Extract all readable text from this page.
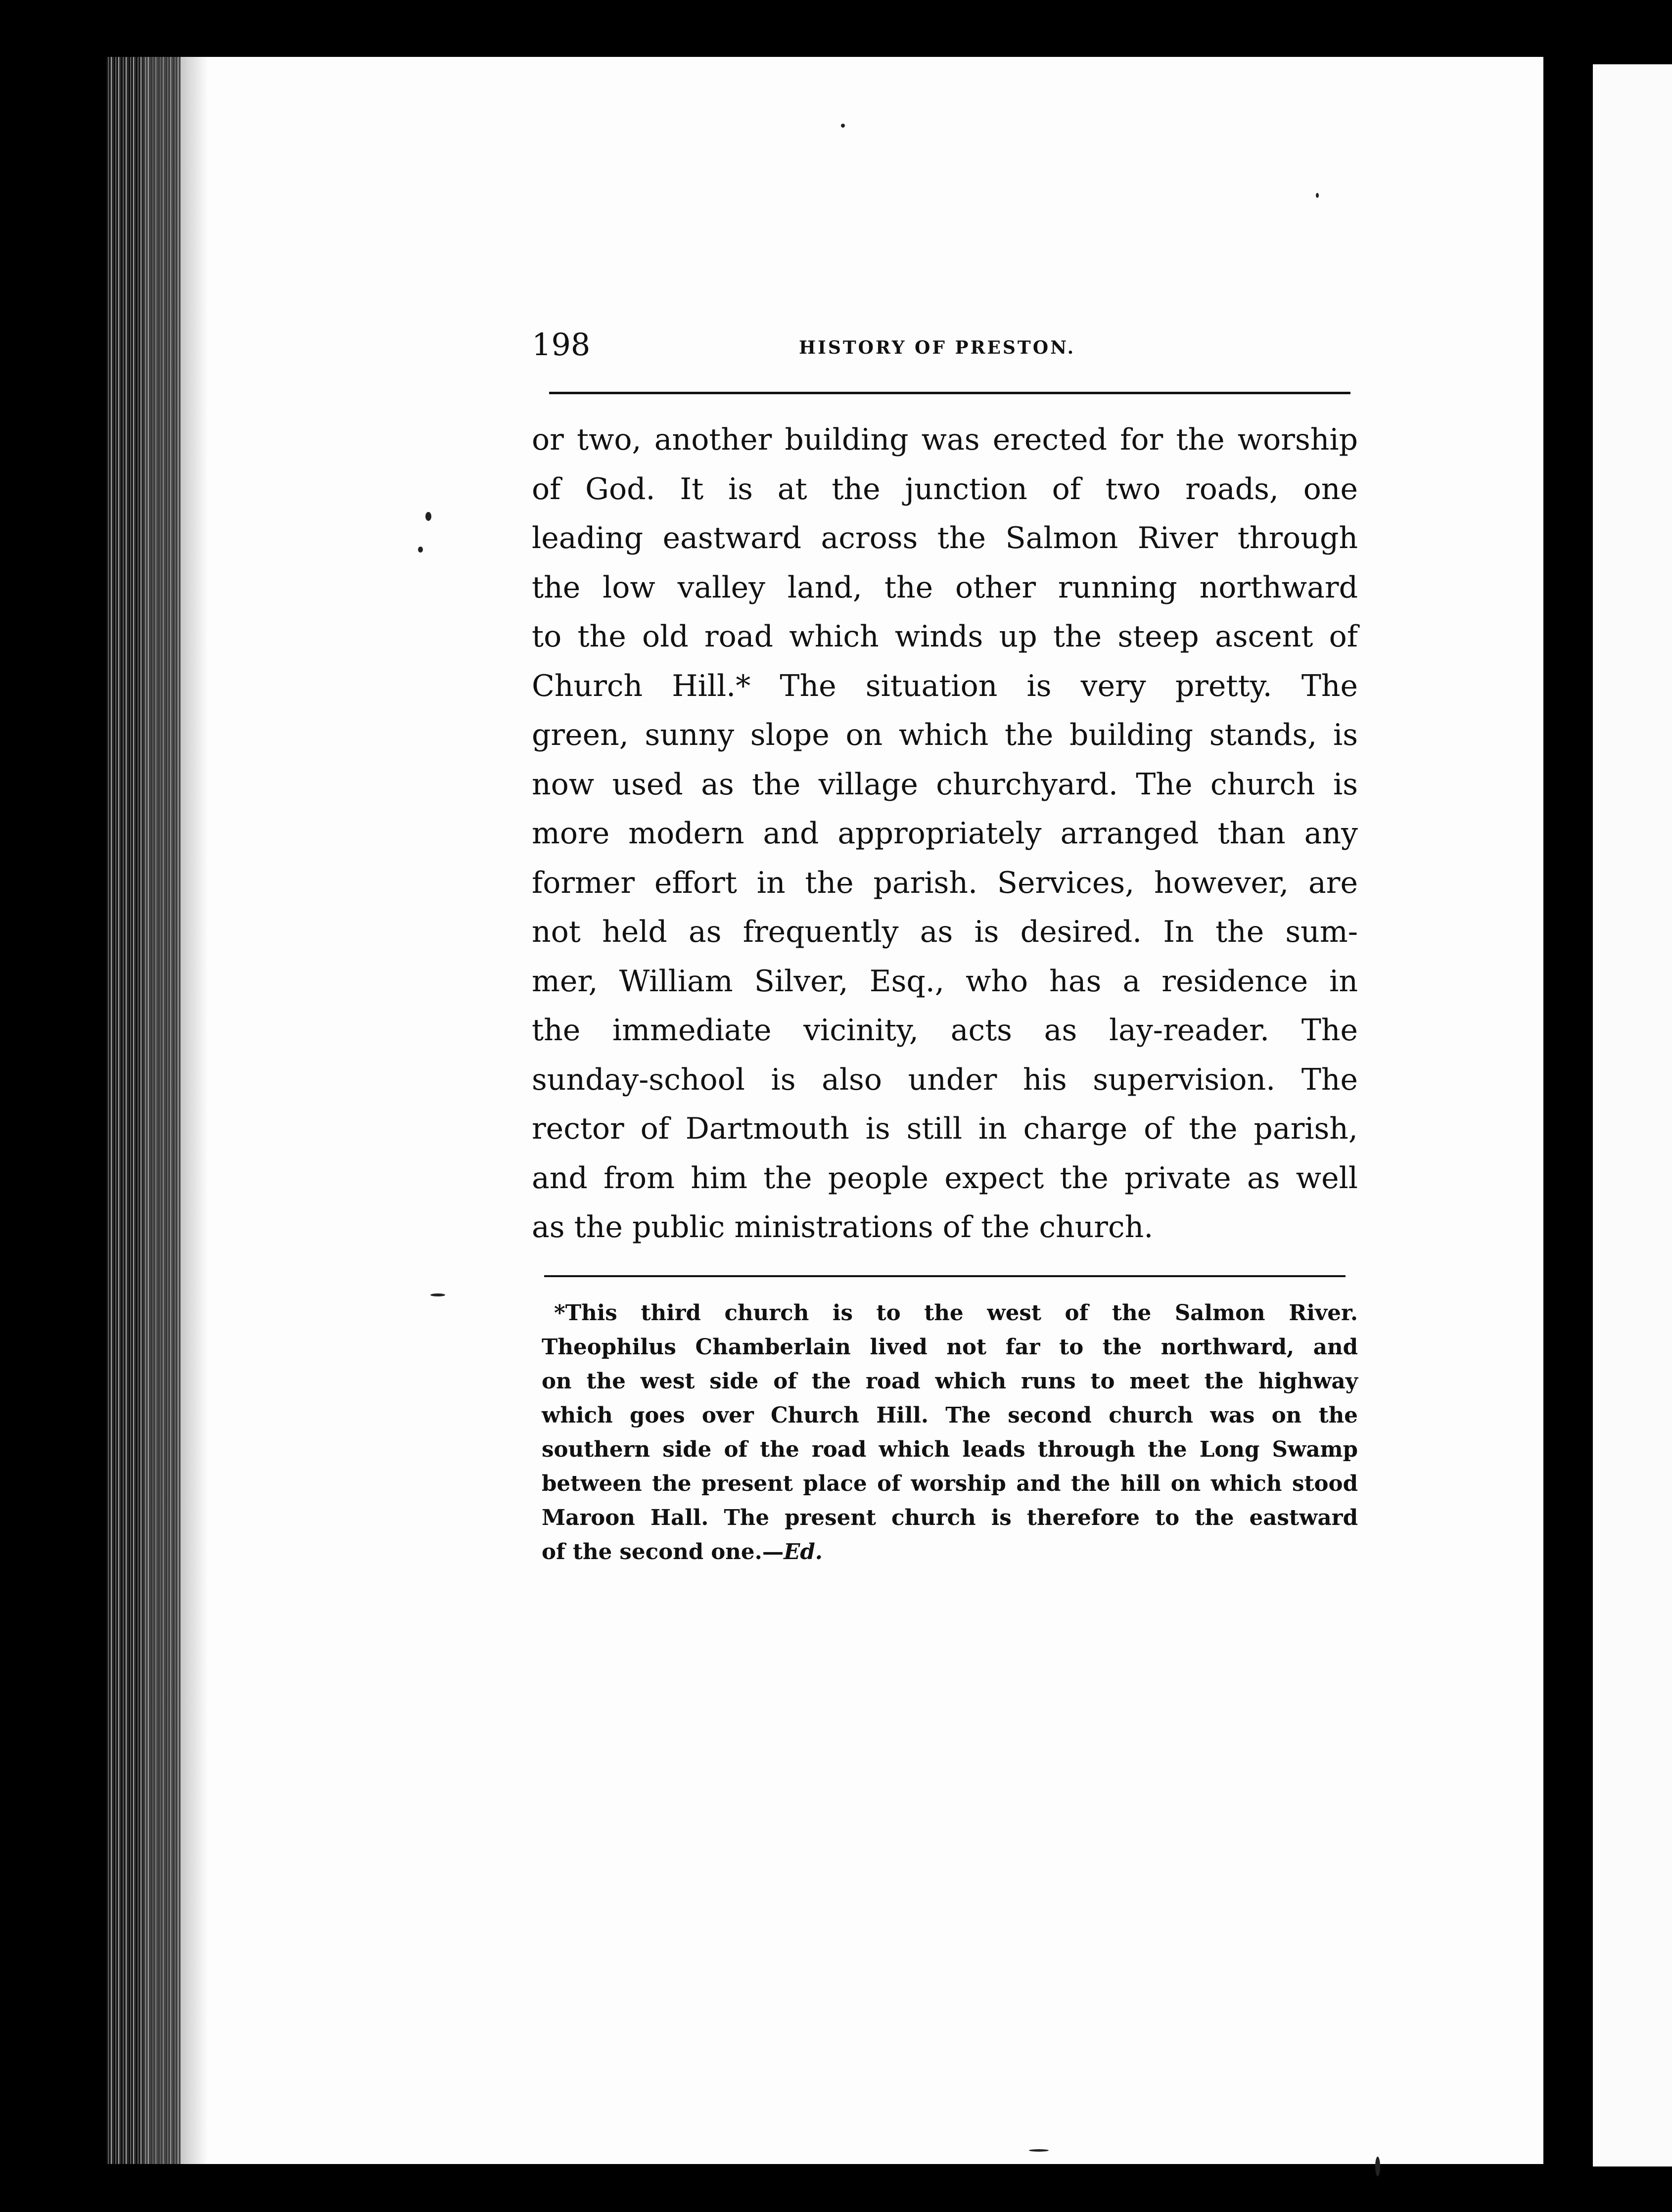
198	HISTORY OF PRESTON.
or two, another building was erected for the worship
of God. It is at the junction of two roads, one
leading eastward across the Salmon River through
the low valley land, the other running northward
to the old road which winds up the steep ascent of
Church Hill.* The situation is very pretty. The
green, sunny slope on which the building stands, is
now used as the village churchyard. The church is
more modern and appropriately arranged than any
former effort in the parish. Services, however, are
not held as frequently as is desired. In the sum-
mer, William Silver, Esq., who has a residence in
the immediate vicinity, acts as lay-reader. The
sunday-school is also under his supervision. The
rector of Dartmouth is still in charge of the parish,
and from him the people expect the private as well
as the public ministrations of the church.
*This third church is to the west of the Salmon River.
Theophilus Chamberlain lived not far to the northward, and
on the west side of the road which runs to meet the highway
which goes over Church Hill. The second church was on the
southern side of the road which leads through the Long Swamp
between the present place of worship and the hill on which stood
Maroon Hall. The present church is therefore to the eastward
of the second one.—Ed.
